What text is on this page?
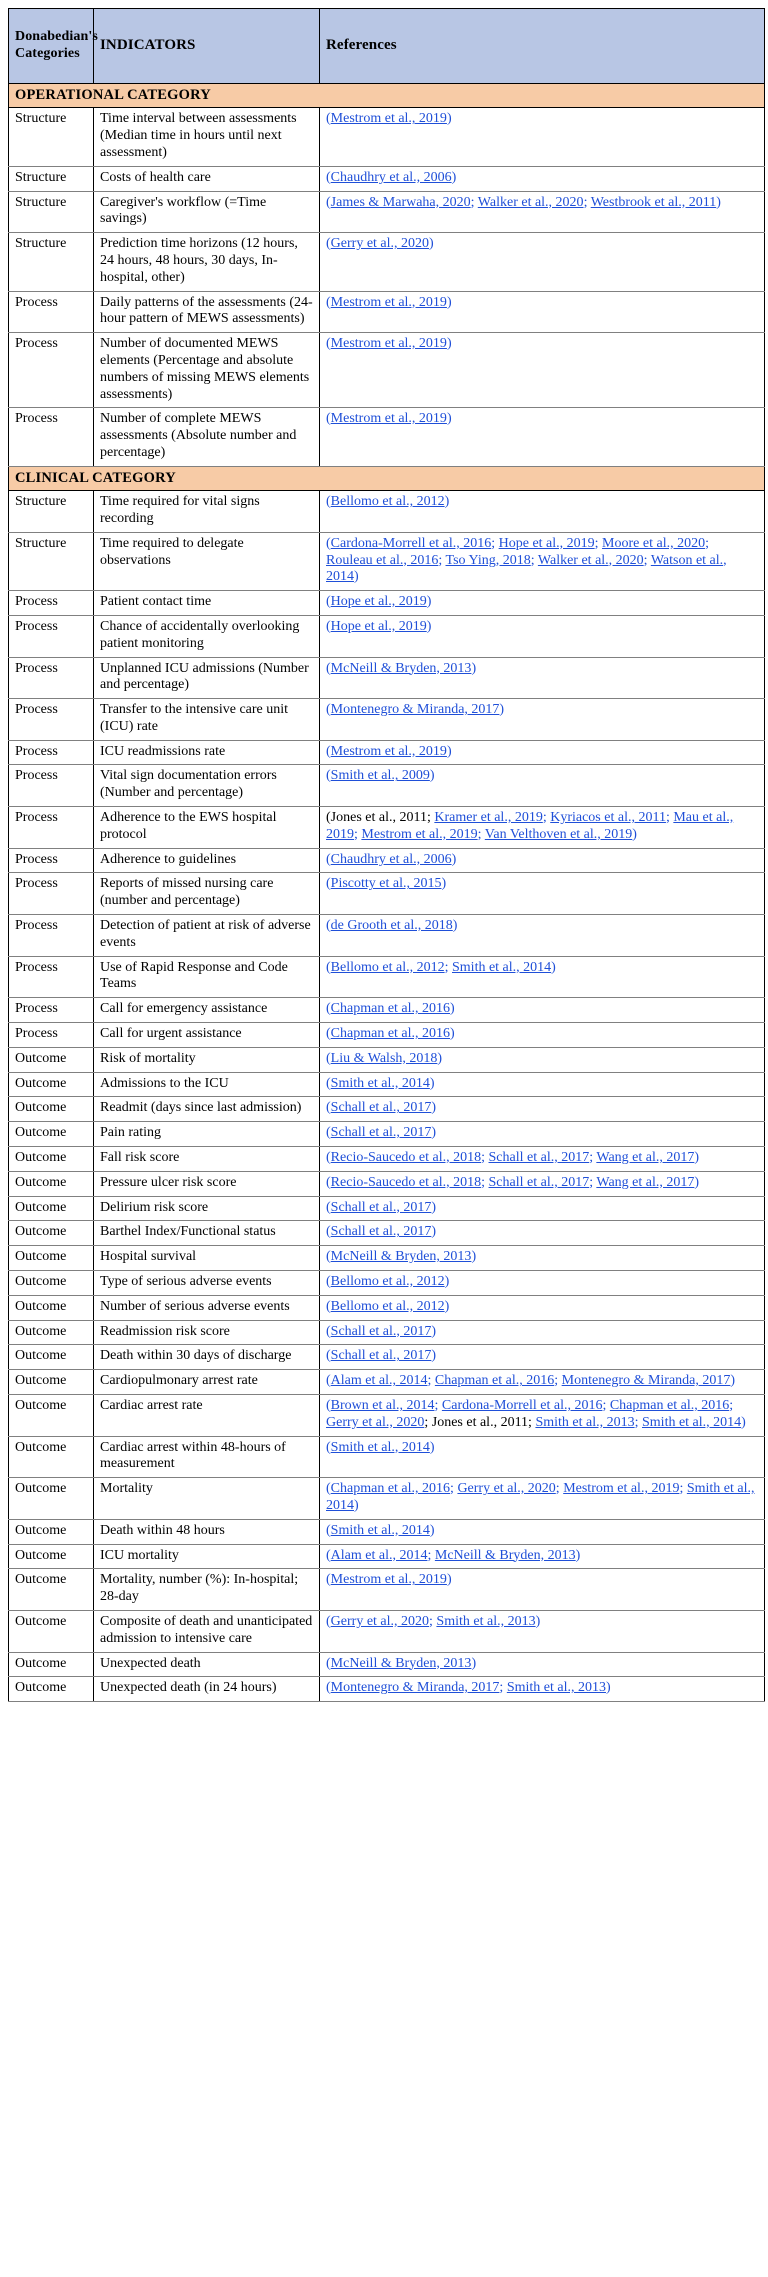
Donabedian's Categories	INDICATORS	References
OPERATIONAL CATEGORY		
Structure	Time interval between assessments (Median time in hours until next assessment)	(Mestrom et al., 2019)
Structure	Costs of health care	(Chaudhry et al., 2006)
Structure	Caregiver's workflow (=Time savings)	(James & Marwaha, 2020; Walker et al., 2020; Westbrook et al., 2011)
Structure	Prediction time horizons (12 hours, 24 hours, 48 hours, 30 days, In-hospital, other)	(Gerry et al., 2020)
Process	Daily patterns of the assessments (24-hour pattern of MEWS assessments)	(Mestrom et al., 2019)
Process	Number of documented MEWS elements (Percentage and absolute numbers of missing MEWS elements assessments)	(Mestrom et al., 2019)
Process	Number of complete MEWS assessments (Absolute number and percentage)	(Mestrom et al., 2019)
CLINICAL CATEGORY		
Structure	Time required for vital signs recording	(Bellomo et al., 2012)
Structure	Time required to delegate observations	(Cardona-Morrell et al., 2016; Hope et al., 2019; Moore et al., 2020; Rouleau et al., 2016; Tso Ying, 2018; Walker et al., 2020; Watson et al., 2014)
Process	Patient contact time	(Hope et al., 2019)
Process	Chance of accidentally overlooking patient monitoring	(Hope et al., 2019)
Process	Unplanned ICU admissions (Number and percentage)	(McNeill & Bryden, 2013)
Process	Transfer to the intensive care unit (ICU) rate	(Montenegro & Miranda, 2017)
Process	ICU readmissions rate	(Mestrom et al., 2019)
Process	Vital sign documentation errors (Number and percentage)	(Smith et al., 2009)
Process	Adherence to the EWS hospital protocol	(Jones et al., 2011; Kramer et al., 2019; Kyriacos et al., 2011; Mau et al., 2019; Mestrom et al., 2019; Van Velthoven et al., 2019)
Process	Adherence to guidelines	(Chaudhry et al., 2006)
Process	Reports of missed nursing care (number and percentage)	(Piscotty et al., 2015)
Process	Detection of patient at risk of adverse events	(de Grooth et al., 2018)
Process	Use of Rapid Response and Code Teams	(Bellomo et al., 2012; Smith et al., 2014)
Process	Call for emergency assistance	(Chapman et al., 2016)
Process	Call for urgent assistance	(Chapman et al., 2016)
Outcome	Risk of mortality	(Liu & Walsh, 2018)
Outcome	Admissions to the ICU	(Smith et al., 2014)
Outcome	Readmit (days since last admission)	(Schall et al., 2017)
Outcome	Pain rating	(Schall et al., 2017)
Outcome	Fall risk score	(Recio-Saucedo et al., 2018; Schall et al., 2017; Wang et al., 2017)
Outcome	Pressure ulcer risk score	(Recio-Saucedo et al., 2018; Schall et al., 2017; Wang et al., 2017)
Outcome	Delirium risk score	(Schall et al., 2017)
Outcome	Barthel Index/Functional status	(Schall et al., 2017)
Outcome	Hospital survival	(McNeill & Bryden, 2013)
Outcome	Type of serious adverse events	(Bellomo et al., 2012)
Outcome	Number of serious adverse events	(Bellomo et al., 2012)
Outcome	Readmission risk score	(Schall et al., 2017)
Outcome	Death within 30 days of discharge	(Schall et al., 2017)
Outcome	Cardiopulmonary arrest rate	(Alam et al., 2014; Chapman et al., 2016; Montenegro & Miranda, 2017)
Outcome	Cardiac arrest rate	(Brown et al., 2014; Cardona-Morrell et al., 2016; Chapman et al., 2016; Gerry et al., 2020; Jones et al., 2011; Smith et al., 2013; Smith et al., 2014)
Outcome	Cardiac arrest within 48-hours of measurement	(Smith et al., 2014)
Outcome	Mortality	(Chapman et al., 2016; Gerry et al., 2020; Mestrom et al., 2019; Smith et al., 2014)
Outcome	Death within 48 hours	(Smith et al., 2014)
Outcome	ICU mortality	(Alam et al., 2014; McNeill & Bryden, 2013)
Outcome	Mortality, number (%): In-hospital; 28-day	(Mestrom et al., 2019)
Outcome	Composite of death and unanticipated admission to intensive care	(Gerry et al., 2020; Smith et al., 2013)
Outcome	Unexpected death	(McNeill & Bryden, 2013)
Outcome	Unexpected death (in 24 hours)	(Montenegro & Miranda, 2017; Smith et al., 2013)
